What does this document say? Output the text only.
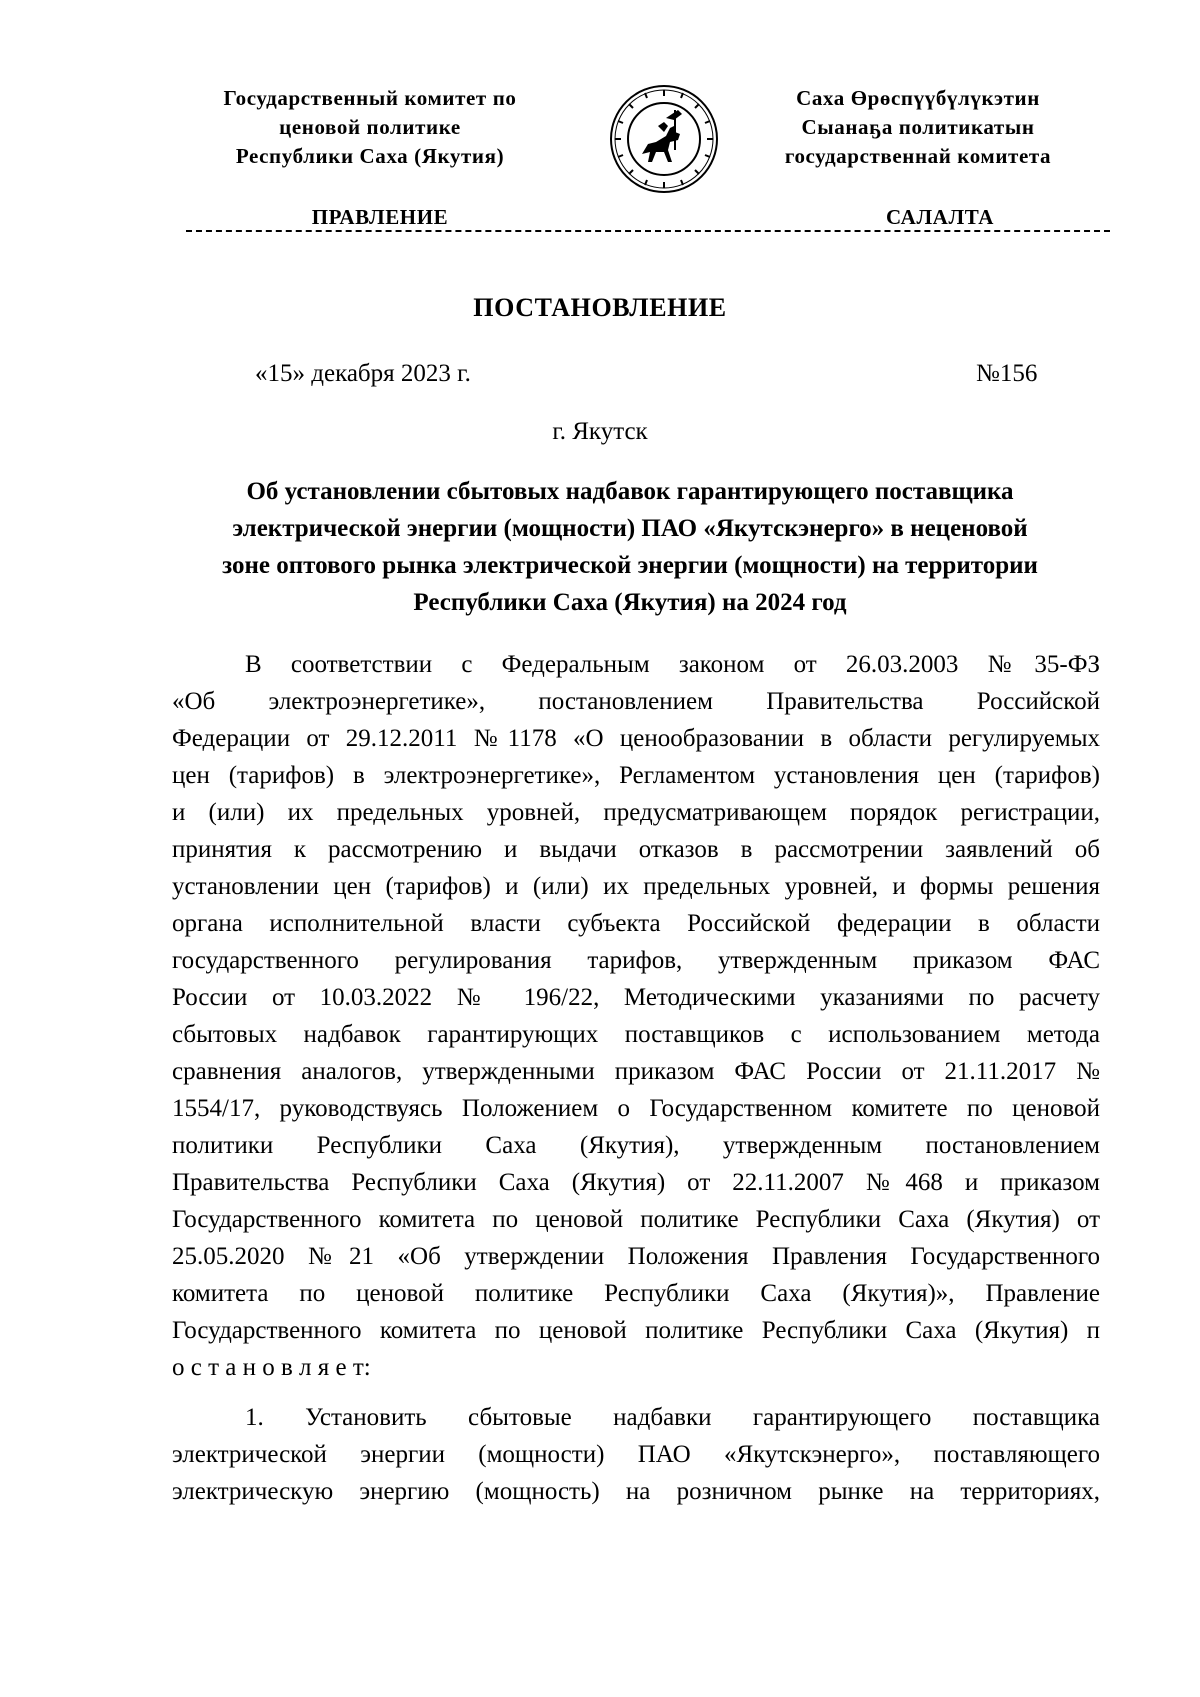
Государственный комитет по
ценовой политике
Республики Саха (Якутия)
Саха Өрөспүүбүлүкэтин
Сыанаҕа политикатын
государственнай комитета
ПРАВЛЕНИЕ	САЛАЛТА
ПОСТАНОВЛЕНИЕ
«15» декабря 2023 г.	№156
г. Якутск
Об установлении сбытовых надбавок гарантирующего поставщика
электрической энергии (мощности) ПАО «Якутскэнерго» в неценовой
зоне оптового рынка электрической энергии (мощности) на территории
Республики Саха (Якутия) на 2024 год
В соответствии с Федеральным законом от 26.03.2003 №35-ФЗ
«Об электроэнергетике», постановлением Правительства Российской
Федерации от 29.12.2011 №1178 «О ценообразовании в области регулируемых
цен (тарифов) в электроэнергетике», Регламентом установления цен (тарифов)
и (или) их предельных уровней, предусматривающем порядок регистрации,
принятия к рассмотрению и выдачи отказов в рассмотрении заявлений об
установлении цен (тарифов) и (или) их предельных уровней, и формы решения
органа исполнительной власти субъекта Российской федерации в области
государственного регулирования тарифов, утвержденным приказом ФАС
России от 10.03.2022 № 196/22, Методическими указаниями по расчету
сбытовых надбавок гарантирующих поставщиков с использованием метода
сравнения аналогов, утвержденными приказом ФАС России от 21.11.2017 №
1554/17, руководствуясь Положением о Государственном комитете по ценовой
политики Республики Саха (Якутия), утвержденным постановлением
Правительства Республики Саха (Якутия) от 22.11.2007 №468 и приказом
Государственного комитета по ценовой политике Республики Саха (Якутия) от
25.05.2020 №21 «Об утверждении Положения Правления Государственного
комитета по ценовой политике Республики Саха (Якутия)», Правление
Государственного комитета по ценовой политике Республики Саха (Якутия) п
о с т а н о в л я е т:
1. Установить сбытовые надбавки гарантирующего поставщика
электрической энергии (мощности) ПАО «Якутскэнерго», поставляющего
электрическую энергию (мощность) на розничном рынке на территориях,
